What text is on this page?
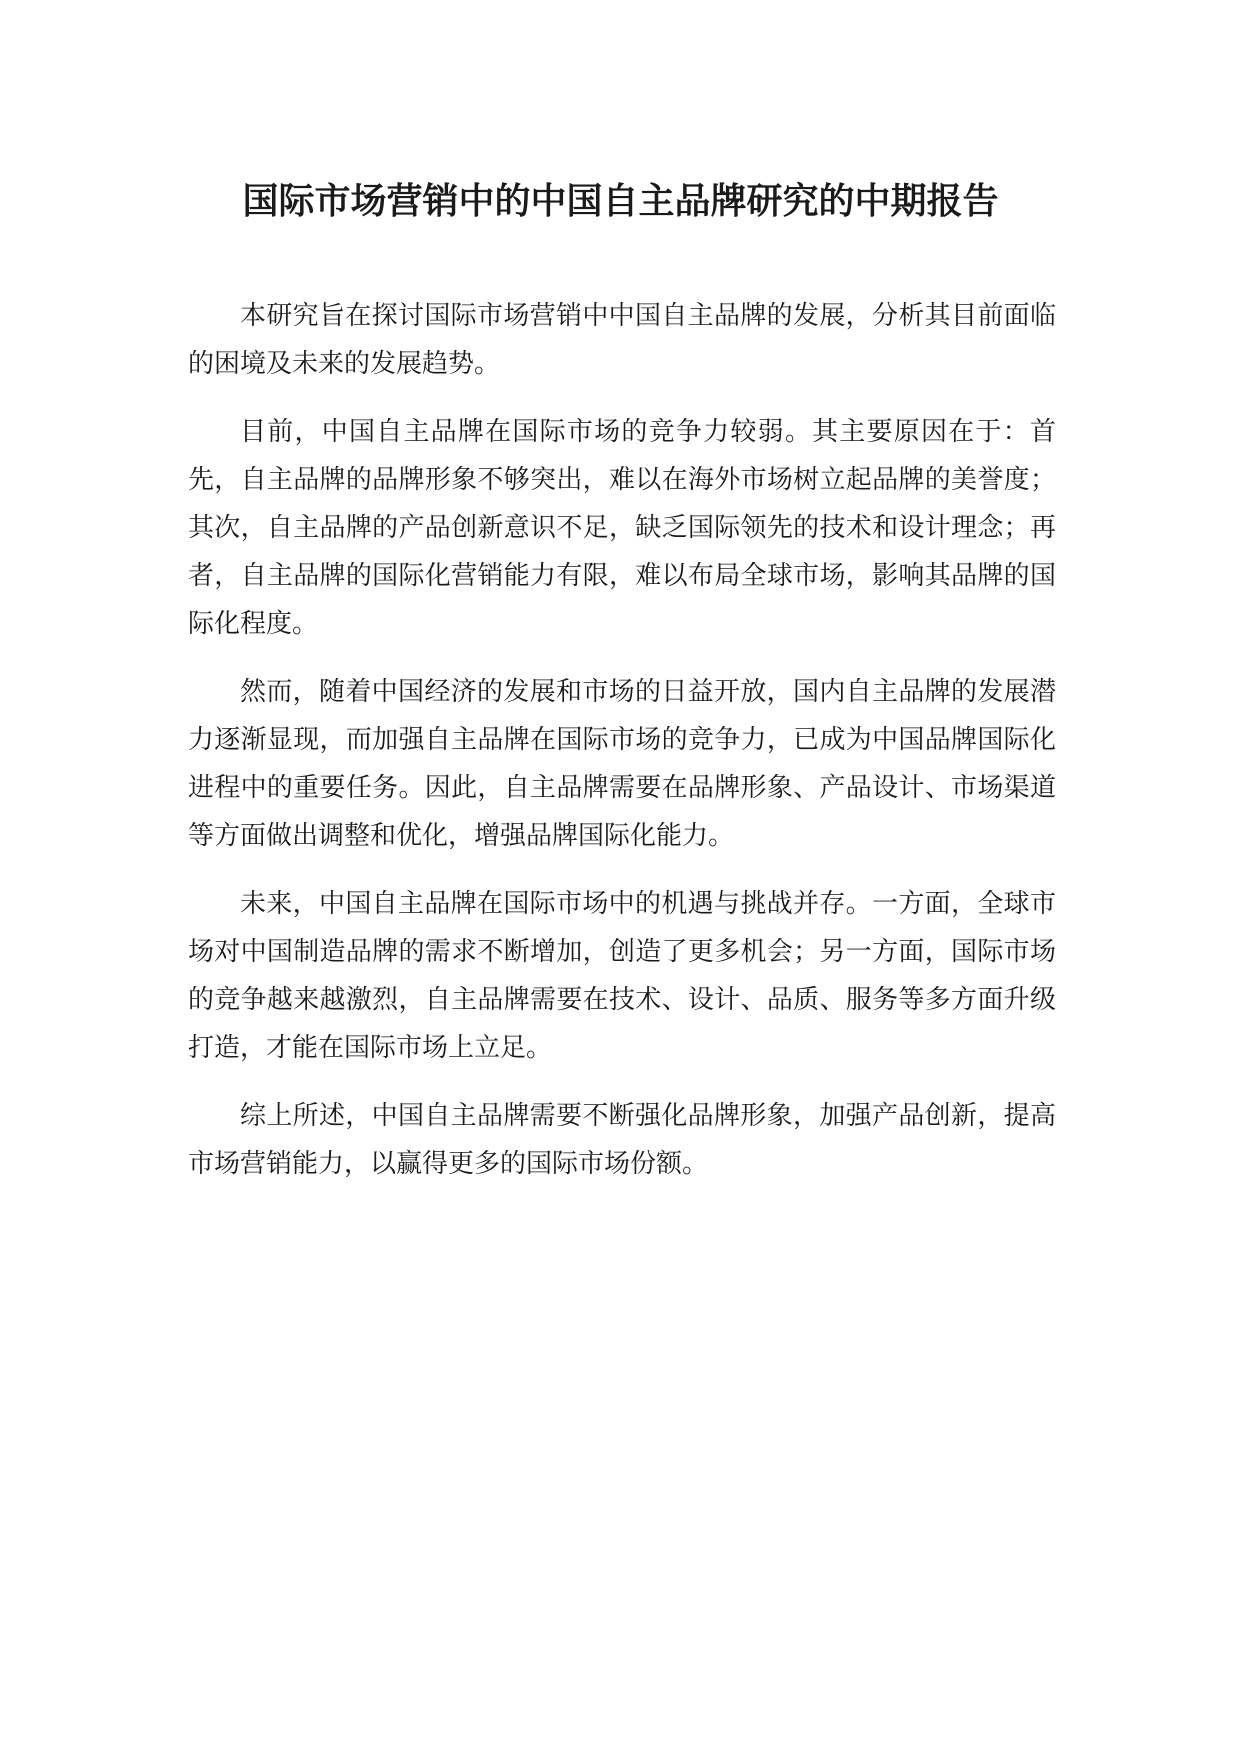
国际市场营销中的中国自主品牌研究的中期报告

本研究旨在探讨国际市场营销中中国自主品牌的发展，分析其目前面临的困境及未来的发展趋势。

目前，中国自主品牌在国际市场的竞争力较弱。其主要原因在于：首先，自主品牌的品牌形象不够突出，难以在海外市场树立起品牌的美誉度；其次，自主品牌的产品创新意识不足，缺乏国际领先的技术和设计理念；再者，自主品牌的国际化营销能力有限，难以布局全球市场，影响其品牌的国际化程度。

然而，随着中国经济的发展和市场的日益开放，国内自主品牌的发展潜力逐渐显现，而加强自主品牌在国际市场的竞争力，已成为中国品牌国际化进程中的重要任务。因此，自主品牌需要在品牌形象、产品设计、市场渠道等方面做出调整和优化，增强品牌国际化能力。

未来，中国自主品牌在国际市场中的机遇与挑战并存。一方面，全球市场对中国制造品牌的需求不断增加，创造了更多机会；另一方面，国际市场的竞争越来越激烈，自主品牌需要在技术、设计、品质、服务等多方面升级打造，才能在国际市场上立足。

综上所述，中国自主品牌需要不断强化品牌形象，加强产品创新，提高市场营销能力，以赢得更多的国际市场份额。
